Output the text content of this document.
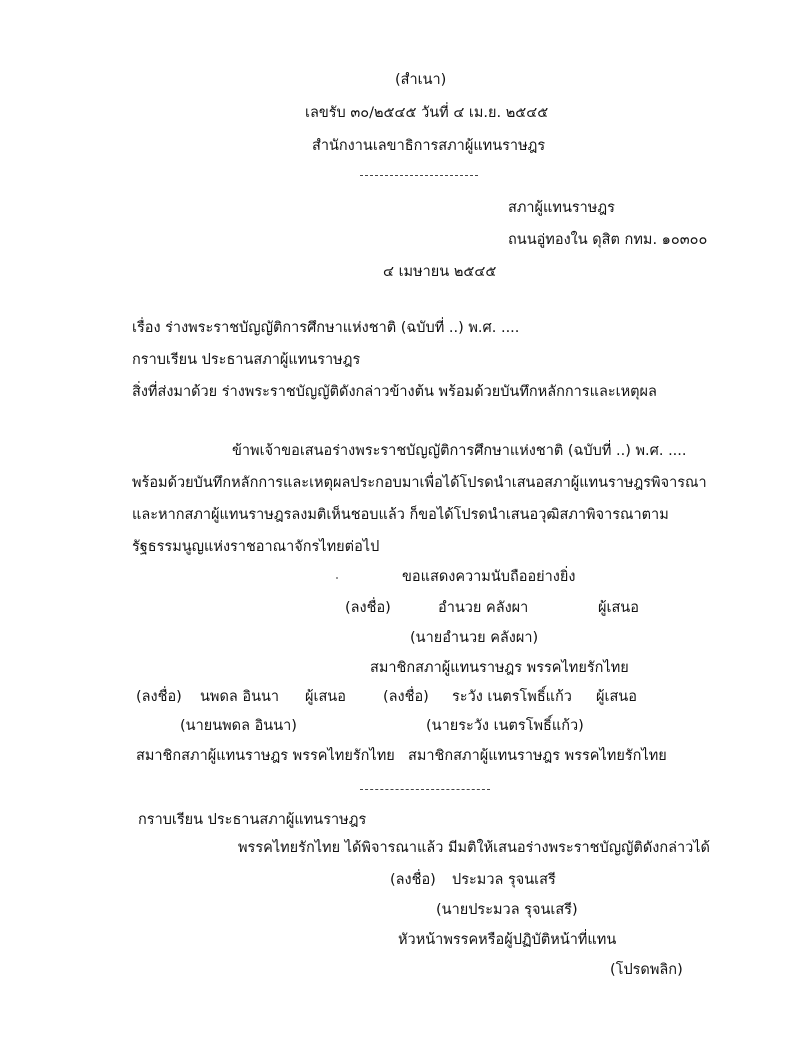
(สำเนา)
เลขรับ ๓๐/๒๕๔๕ วันที่ ๔ เม.ย. ๒๕๔๕
สำนักงานเลขาธิการสภาผู้แทนราษฎร
สภาผู้แทนราษฎร
ถนนอู่ทองใน ดุสิต กทม. ๑๐๓๐๐
๔ เมษายน ๒๕๔๕
เรื่อง ร่างพระราชบัญญัติการศึกษาแห่งชาติ (ฉบับที่ ..) พ.ศ. ....
กราบเรียน ประธานสภาผู้แทนราษฎร
สิ่งที่ส่งมาด้วย ร่างพระราชบัญญัติดังกล่าวข้างต้น พร้อมด้วยบันทึกหลักการและเหตุผล
ข้าพเจ้าขอเสนอร่างพระราชบัญญัติการศึกษาแห่งชาติ (ฉบับที่ ..) พ.ศ. ....
พร้อมด้วยบันทึกหลักการและเหตุผลประกอบมาเพื่อได้โปรดนำเสนอสภาผู้แทนราษฎรพิจารณา
และหากสภาผู้แทนราษฎรลงมติเห็นชอบแล้ว ก็ขอได้โปรดนำเสนอวุฒิสภาพิจารณาตาม
รัฐธรรมนูญแห่งราชอาณาจักรไทยต่อไป
ขอแสดงความนับถืออย่างยิ่ง
(ลงชื่อ)	อำนวย คลังผา	ผู้เสนอ
(นายอำนวย คลังผา)
สมาชิกสภาผู้แทนราษฎร พรรคไทยรักไทย
(ลงชื่อ) นพดล อินนา ผู้เสนอ
(นายนพดล อินนา)
สมาชิกสภาผู้แทนราษฎร พรรคไทยรักไทย
(ลงชื่อ) ระวัง เนตรโพธิ์แก้ว ผู้เสนอ
(นายระวัง เนตรโพธิ์แก้ว)
สมาชิกสภาผู้แทนราษฎร พรรคไทยรักไทย
กราบเรียน ประธานสภาผู้แทนราษฎร
พรรคไทยรักไทย ได้พิจารณาแล้ว มีมติให้เสนอร่างพระราชบัญญัติดังกล่าวได้
(ลงชื่อ) ประมวล รุจนเสรี
(นายประมวล รุจนเสรี)
หัวหน้าพรรคหรือผู้ปฏิบัติหน้าที่แทน
(โปรดพลิก)
